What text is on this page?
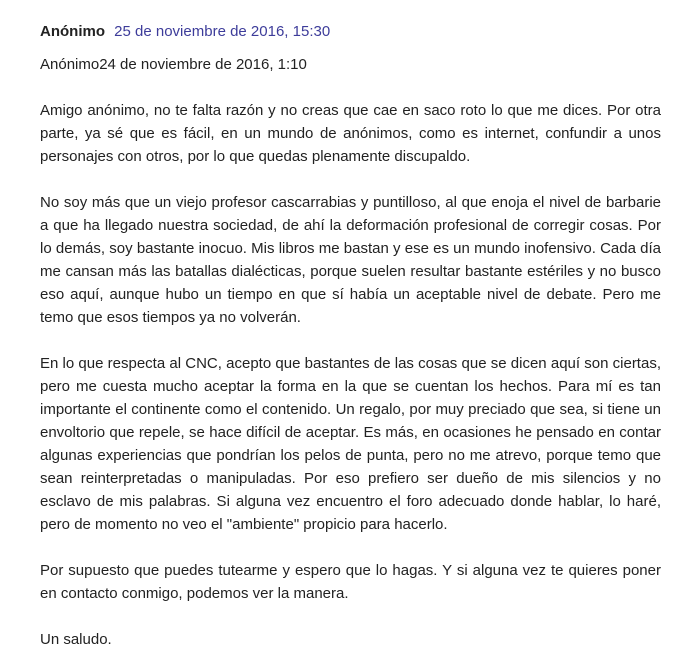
Anónimo 25 de noviembre de 2016, 15:30

Anónimo24 de noviembre de 2016, 1:10

Amigo anónimo, no te falta razón y no creas que cae en saco roto lo que me dices. Por otra parte, ya sé que es fácil, en un mundo de anónimos, como es internet, confundir a unos personajes con otros, por lo que quedas plenamente discupaldo.

No soy más que un viejo profesor cascarrabias y puntilloso, al que enoja el nivel de barbarie a que ha llegado nuestra sociedad, de ahí la deformación profesional de corregir cosas. Por lo demás, soy bastante inocuo. Mis libros me bastan y ese es un mundo inofensivo. Cada día me cansan más las batallas dialécticas, porque suelen resultar bastante estériles y no busco eso aquí, aunque hubo un tiempo en que sí había un aceptable nivel de debate. Pero me temo que esos tiempos ya no volverán.

En lo que respecta al CNC, acepto que bastantes de las cosas que se dicen aquí son ciertas, pero me cuesta mucho aceptar la forma en la que se cuentan los hechos. Para mí es tan importante el continente como el contenido. Un regalo, por muy preciado que sea, si tiene un envoltorio que repele, se hace difícil de aceptar. Es más, en ocasiones he pensado en contar algunas experiencias que pondrían los pelos de punta, pero no me atrevo, porque temo que sean reinterpretadas o manipuladas. Por eso prefiero ser dueño de mis silencios y no esclavo de mis palabras. Si alguna vez encuentro el foro adecuado donde hablar, lo haré, pero de momento no veo el "ambiente" propicio para hacerlo.

Por supuesto que puedes tutearme y espero que lo hagas. Y si alguna vez te quieres poner en contacto conmigo, podemos ver la manera.

Un saludo.
